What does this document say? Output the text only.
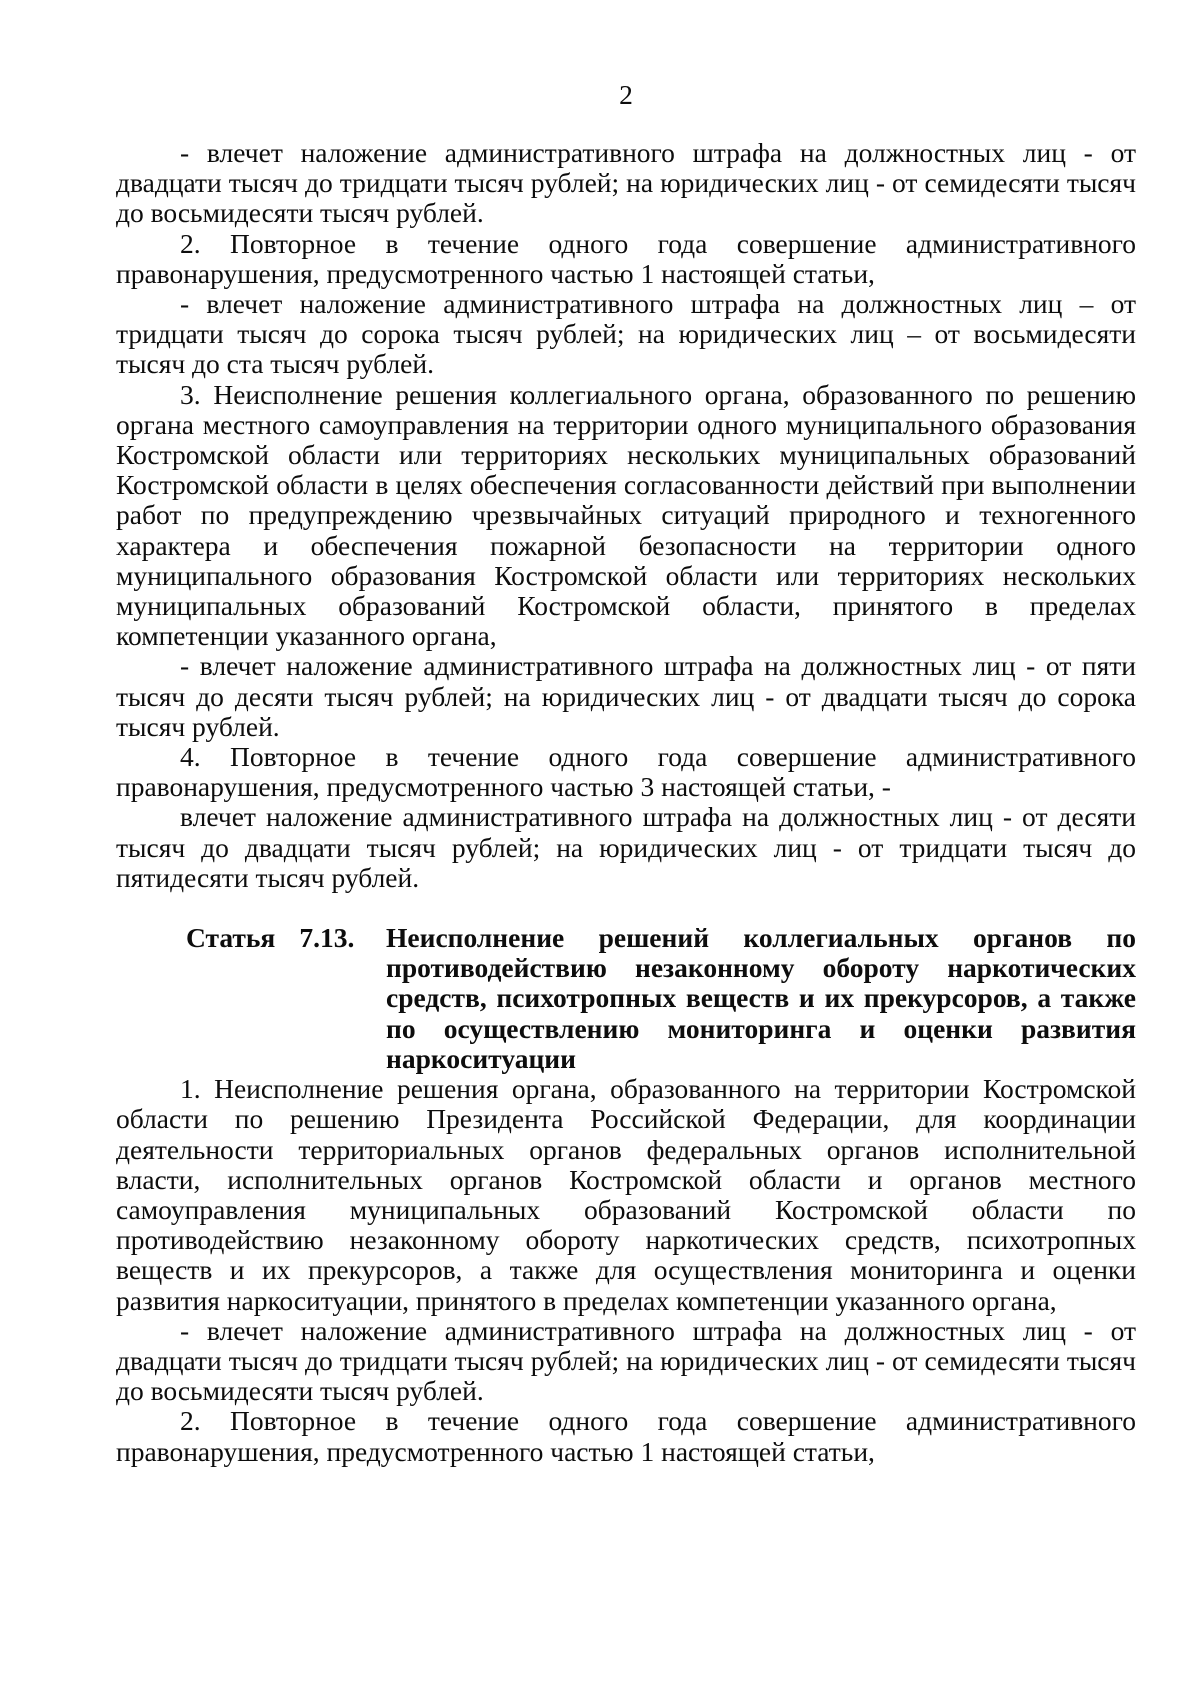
2

- влечет наложение административного штрафа на должностных лиц - от двадцати тысяч до тридцати тысяч рублей; на юридических лиц - от семидесяти тысяч до восьмидесяти тысяч рублей.

2. Повторное в течение одного года совершение административного правонарушения, предусмотренного частью 1 настоящей статьи,

- влечет наложение административного штрафа на должностных лиц – от тридцати тысяч до сорока тысяч рублей; на юридических лиц – от восьмидесяти тысяч до ста тысяч рублей.

3. Неисполнение решения коллегиального органа, образованного по решению органа местного самоуправления на территории одного муниципального образования Костромской области или территориях нескольких муниципальных образований Костромской области в целях обеспечения согласованности действий при выполнении работ по предупреждению чрезвычайных ситуаций природного и техногенного характера и обеспечения пожарной безопасности на территории одного муниципального образования Костромской области или территориях нескольких муниципальных образований Костромской области, принятого в пределах компетенции указанного органа,

- влечет наложение административного штрафа на должностных лиц - от пяти тысяч до десяти тысяч рублей; на юридических лиц - от двадцати тысяч до сорока тысяч рублей.

4. Повторное в течение одного года совершение административного правонарушения, предусмотренного частью 3 настоящей статьи, -

влечет наложение административного штрафа на должностных лиц - от десяти тысяч до двадцати тысяч рублей; на юридических лиц - от тридцати тысяч до пятидесяти тысяч рублей.

Статья 7.13.	Неисполнение решений коллегиальных органов по противодействию незаконному обороту наркотических средств, психотропных веществ и их прекурсоров, а также по осуществлению мониторинга и оценки развития наркоситуации

1. Неисполнение решения органа, образованного на территории Костромской области по решению Президента Российской Федерации, для координации деятельности территориальных органов федеральных органов исполнительной власти, исполнительных органов Костромской области и органов местного самоуправления муниципальных образований Костромской области по противодействию незаконному обороту наркотических средств, психотропных веществ и их прекурсоров, а также для осуществления мониторинга и оценки развития наркоситуации, принятого в пределах компетенции указанного органа,

- влечет наложение административного штрафа на должностных лиц - от двадцати тысяч до тридцати тысяч рублей; на юридических лиц - от семидесяти тысяч до восьмидесяти тысяч рублей.

2. Повторное в течение одного года совершение административного правонарушения, предусмотренного частью 1 настоящей статьи,
